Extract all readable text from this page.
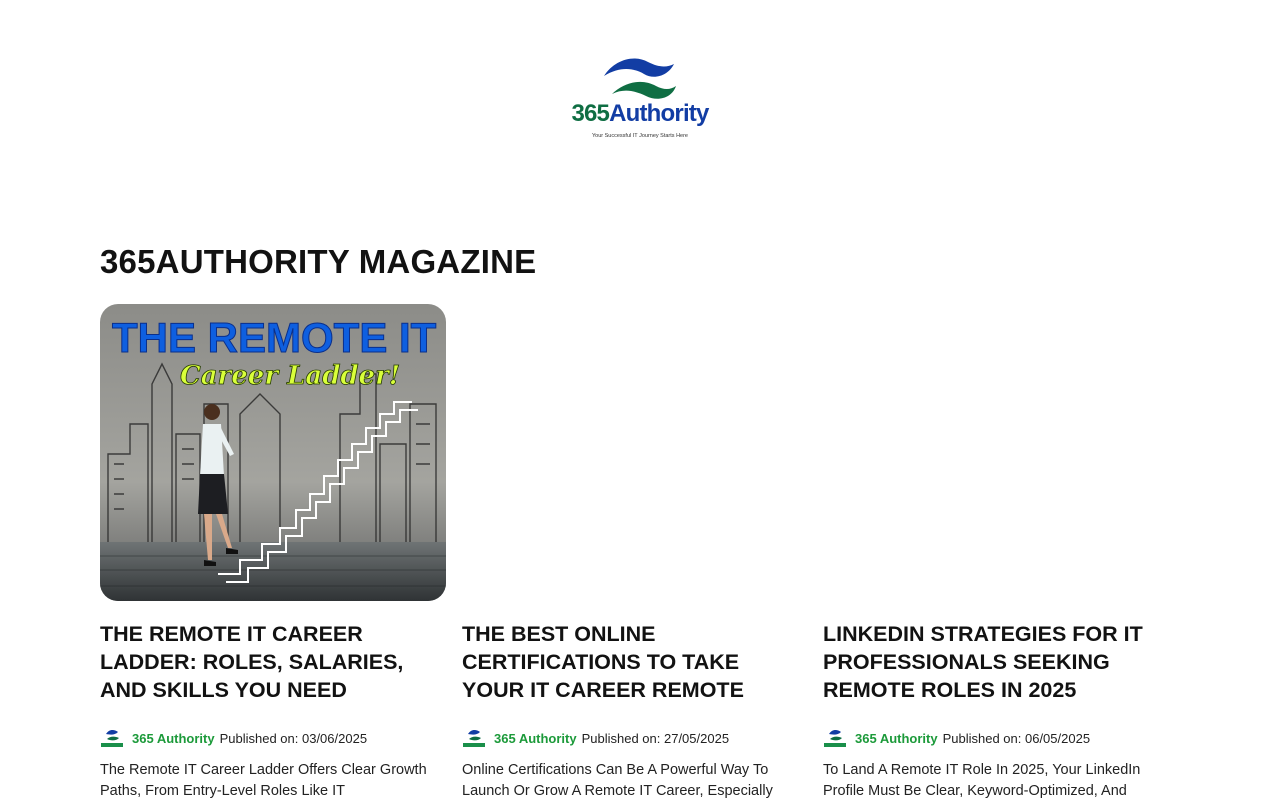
365Authority
Your Successful IT Journey Starts Here
365AUTHORITY MAGAZINE
THE REMOTE IT
Career Ladder!
THE REMOTE IT CAREER LADDER: ROLES, SALARIES, AND SKILLS YOU NEED
365 Authority Published on: 03/06/2025

The Remote IT Career Ladder Offers Clear Growth Paths, From Entry-Level Roles Like IT

THE BEST ONLINE CERTIFICATIONS TO TAKE YOUR IT CAREER REMOTE
365 Authority Published on: 27/05/2025

Online Certifications Can Be A Powerful Way To Launch Or Grow A Remote IT Career, Especially

LINKEDIN STRATEGIES FOR IT PROFESSIONALS SEEKING REMOTE ROLES IN 2025
365 Authority Published on: 06/05/2025

To Land A Remote IT Role In 2025, Your LinkedIn Profile Must Be Clear, Keyword-Optimized, And
